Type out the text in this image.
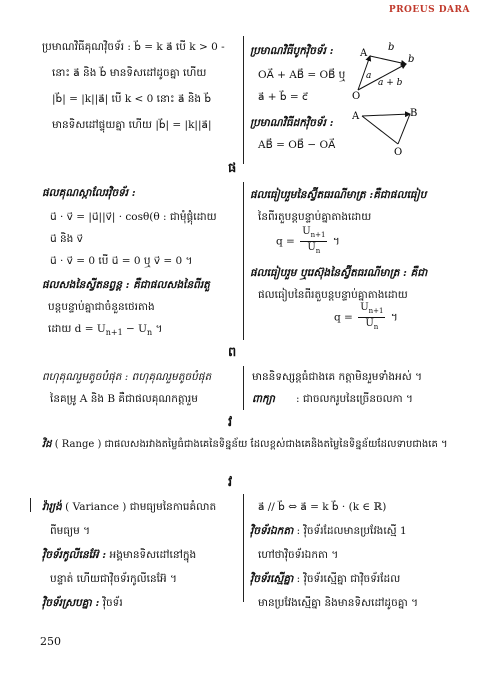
PROEUS DARA
ប្រមាណវិធីគុណវ៉ិចទ័រ : b⃗ = k a⃗ បើ k > 0 -
នោះ a⃗ និង b⃗ មានទិសដៅដូចគ្នា ហើយ
|b⃗| = |k||a⃗| បើ k < 0 នោះ a⃗ និង b⃗
មានទិសដៅផ្ទុយគ្នា ហើយ |b⃗| = |k||a⃗|
ប្រមាណវិធីបូកវ៉ិចទ័រ :
OA⃗ + AB⃗ = OB⃗ ឬ
a⃗ + b⃗ = c⃗
ប្រមាណវិធីដកវ៉ិចទ័រ :
AB⃗ = OB⃗ − OA⃗
A
b
b
a
a + b
O
A	B
O
ផ
ផលគុណស្កាលែរវ៉ិចទ័រ :
u⃗ · v⃗ = |u⃗||v⃗| · cosθ(θ : ជាមុំផ្គុំដោយ
u⃗ និង v⃗
u⃗ · v⃗ = 0 បើ u⃗ = 0 ឬ v⃗ = 0 ។
ផលសងនៃស្វីតនព្វន្ត : គឺជាផលសងនៃពីរតួ
បន្តបន្ទាប់គ្នាជាចំនួនថេរតាង
ដោយ $d = U_{n+1} - U_n$ ។
ផលធៀបរួមនៃស្វ៊ីតធរណីមាត្រ :គឺជាផលធៀប
នៃពីរតួបន្តបន្ទាប់គ្នាតាងដោយ
$q = \frac{U_{n+1}}{U_n}$ ។
ផលធៀបរួម ឬរេស៊ុងនៃស្វ៊ីតធរណីមាត្រ : គឺជា
ផលធៀបនៃពីរតួបន្តបន្ទាប់គ្នាតាងដោយ
$q = \frac{U_{n+1}}{U_n}$ ។
ព
ពហុគុណរួមតូចបំផុត : ពហុគុណរួមតូចបំផុត
នៃគម្រូ A និង B គឺជាផលគុណកត្តារួម
មាននិទស្សន្តធំជាងគេ កត្តាមិនរួមទាំងអស់ ។
ពាក្យា : ជាចលករូបនៃច្រើនចលកា ។
វ
វិដ ( Range ) ជាផលសងរវាងតម្លៃធំជាងគេនៃទិន្នន័យ ដែលខ្ពស់ជាងគេនិងតម្លៃនៃទិន្នន័យដែលទាបជាងគេ ។
វ
វ៉ារ្យង់ ( Variance ) ជាមធ្យមនៃការេគំលាត
ពីមធ្យម ។
វ៉ិចទ័រកូលីនេអ៊ែ : អង្គមានទិសដៅនៅក្នុង
បន្ទាត់ ហើយជាវ៉ិចទ័រកូលីនេអ៊ែ ។
វ៉ិចទ័រស្របគ្នា : វ៉ិចទ័រ
a⃗ // b⃗ ⇔ a⃗ = k b⃗ · (k ∈ ℝ)
វ៉ិចទ័រឯកតា : វ៉ិចទ័រដែលមានប្រវែងស្មើ 1
ហៅថាវ៉ិចទ័រឯកតា ។
វ៉ិចទ័រស្មើគ្នា : វ៉ិចទ័រស្មើគ្នា ជាវ៉ិចទ័រដែល
មានប្រវែងស្មើគ្នា និងមានទិសដៅដូចគ្នា ។
250
